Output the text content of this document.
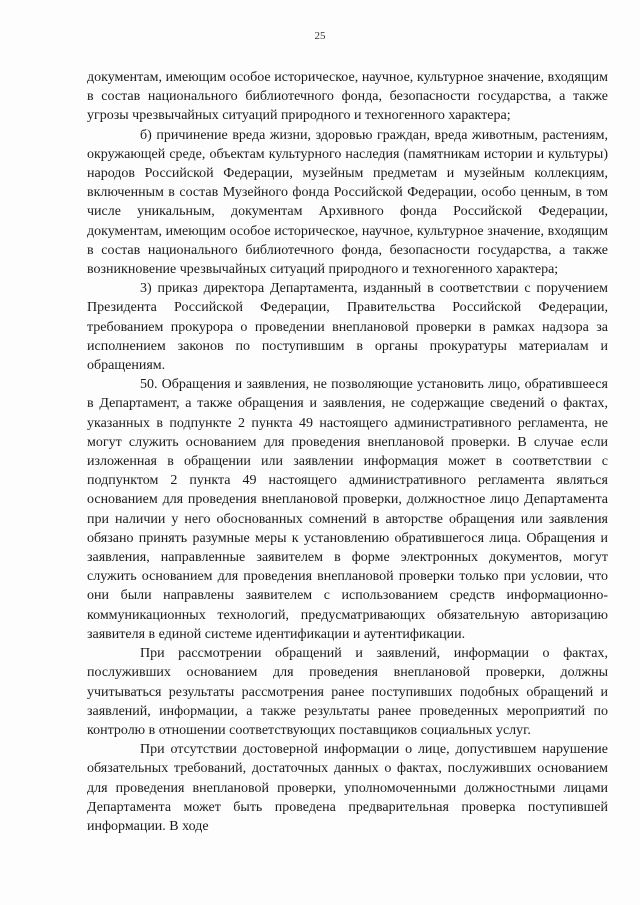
25

документам, имеющим особое историческое, научное, культурное значение, входящим в состав национального библиотечного фонда, безопасности государства, а также угрозы чрезвычайных ситуаций природного и техногенного характера;

б) причинение вреда жизни, здоровью граждан, вреда животным, растениям, окружающей среде, объектам культурного наследия (памятникам истории и культуры) народов Российской Федерации, музейным предметам и музейным коллекциям, включенным в состав Музейного фонда Российской Федерации, особо ценным, в том числе уникальным, документам Архивного фонда Российской Федерации, документам, имеющим особое историческое, научное, культурное значение, входящим в состав национального библиотечного фонда, безопасности государства, а также возникновение чрезвычайных ситуаций природного и техногенного характера;

3) приказ директора Департамента, изданный в соответствии с поручением Президента Российской Федерации, Правительства Российской Федерации, требованием прокурора о проведении внеплановой проверки в рамках надзора за исполнением законов по поступившим в органы прокуратуры материалам и обращениям.

50. Обращения и заявления, не позволяющие установить лицо, обратившееся в Департамент, а также обращения и заявления, не содержащие сведений о фактах, указанных в подпункте 2 пункта 49 настоящего административного регламента, не могут служить основанием для проведения внеплановой проверки. В случае если изложенная в обращении или заявлении информация может в соответствии с подпунктом 2 пункта 49 настоящего административного регламента являться основанием для проведения внеплановой проверки, должностное лицо Департамента при наличии у него обоснованных сомнений в авторстве обращения или заявления обязано принять разумные меры к установлению обратившегося лица. Обращения и заявления, направленные заявителем в форме электронных документов, могут служить основанием для проведения внеплановой проверки только при условии, что они были направлены заявителем с использованием средств информационно-коммуникационных технологий, предусматривающих обязательную авторизацию заявителя в единой системе идентификации и аутентификации.

При рассмотрении обращений и заявлений, информации о фактах, послуживших основанием для проведения внеплановой проверки, должны учитываться результаты рассмотрения ранее поступивших подобных обращений и заявлений, информации, а также результаты ранее проведенных мероприятий по контролю в отношении соответствующих поставщиков социальных услуг.

При отсутствии достоверной информации о лице, допустившем нарушение обязательных требований, достаточных данных о фактах, послуживших основанием для проведения внеплановой проверки, уполномоченными должностными лицами Департамента может быть проведена предварительная проверка поступившей информации. В ходе
